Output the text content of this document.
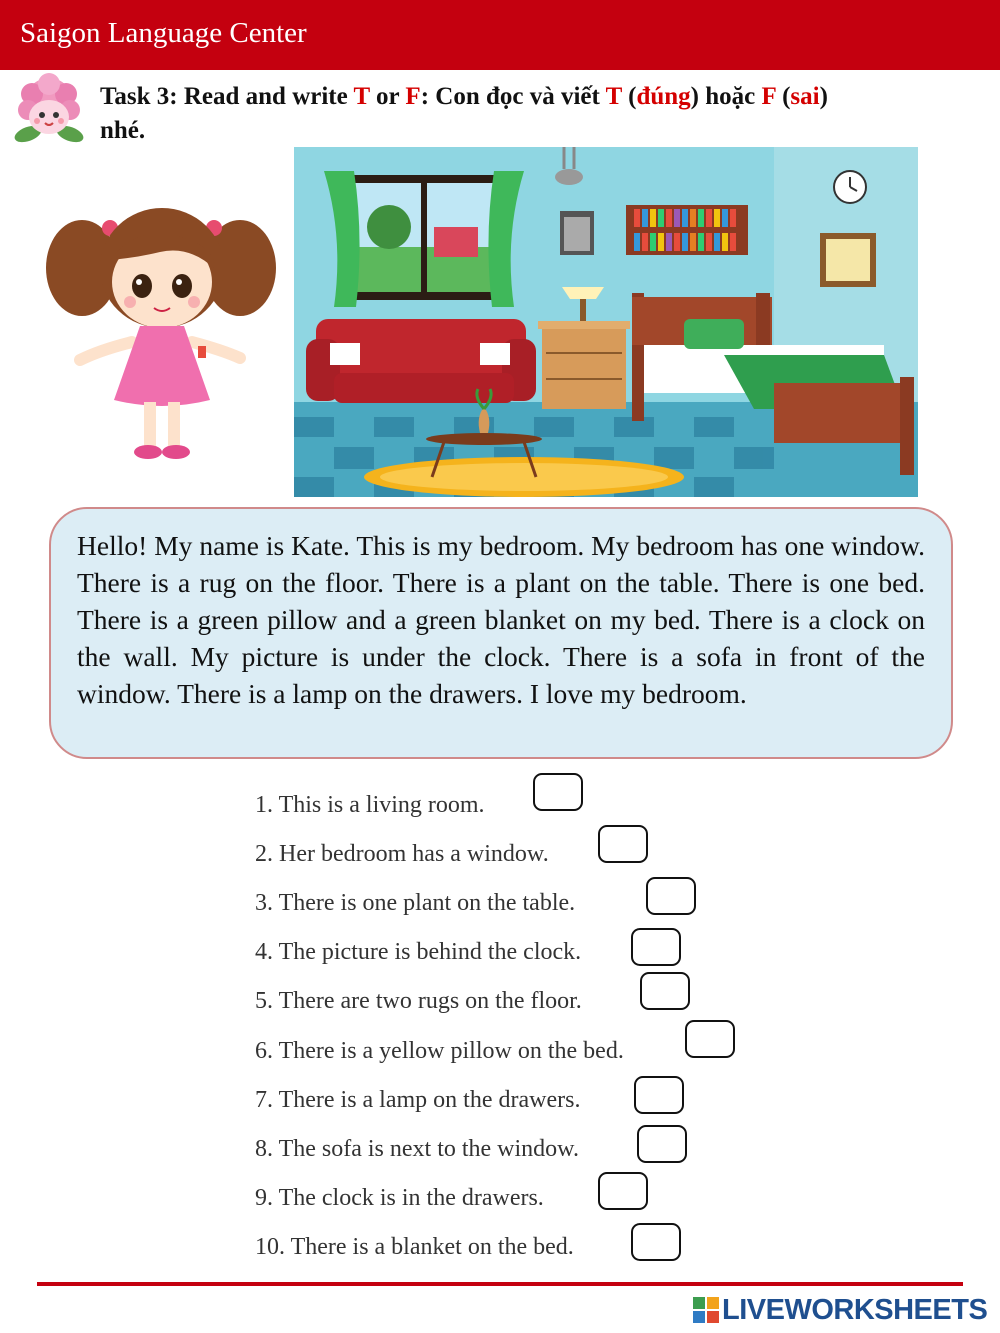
Saigon Language Center
Task 3: Read and write T or F: Con đọc và viết T (đúng) hoặc F (sai)
nhé.
Hello! My name is Kate. This is my bedroom. My bedroom has one window. There is a rug on the floor. There is a plant on the table. There is one bed. There is a green pillow and a green blanket on my bed. There is a clock on the wall. My picture is under the clock. There is a sofa in front of the window. There is a lamp on the drawers. I love my bedroom.
1. This is a living room.
2. Her bedroom has a window.
3. There is one plant on the table.
4. The picture is behind the clock.
5. There are two rugs on the floor.
6. There is a yellow pillow on the bed.
7. There is a lamp on the drawers.
8. The sofa is next to the window.
9. The clock is in the drawers.
10. There is a blanket on the bed.
LIVEWORKSHEETS
